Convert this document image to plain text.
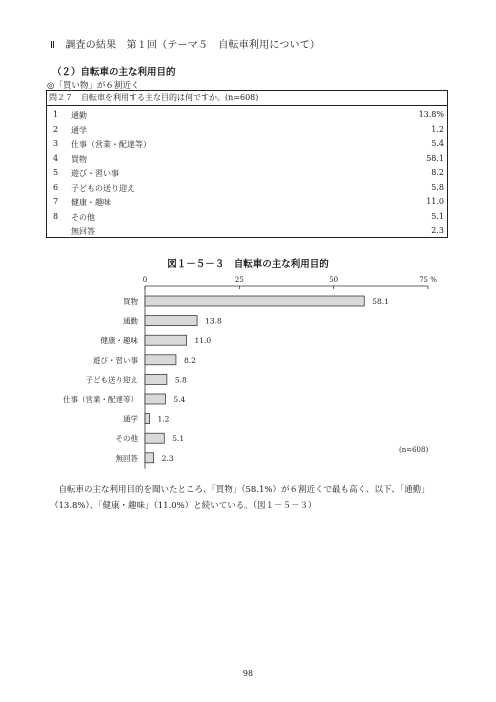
Ⅱ　調査の結果　第１回（テーマ５　自転車利用について）
（２）自転車の主な利用目的
◎「買い物」が６割近く
問２７　自転車を利用する主な目的は何ですか。(n=608)
1 通勤	13.8%
2 通学	1.2
3 仕事（営業・配達等）	5.4
4 買物	58.1
5 遊び・習い事	8.2
6 子どもの送り迎え	5.8
7 健康・趣味	11.0
8 その他	5.1
無回答	2.3
図１－５－３　自転車の主な利用目的
0	25	50	75 %
買物	58.1
通勤	13.8
健康・趣味	11.0
遊び・習い事	8.2
子ども送り迎え	5.8
仕事（営業・配達等）	5.4
通学	1.2
その他	5.1
無回答	2.3
(n=608)
自転車の主な利用目的を聞いたところ、「買物」（58.1%）が６割近くで最も高く、以下、「通勤」（13.8%）、「健康・趣味」（11.0%）と続いている。（図１－５－３）
98
